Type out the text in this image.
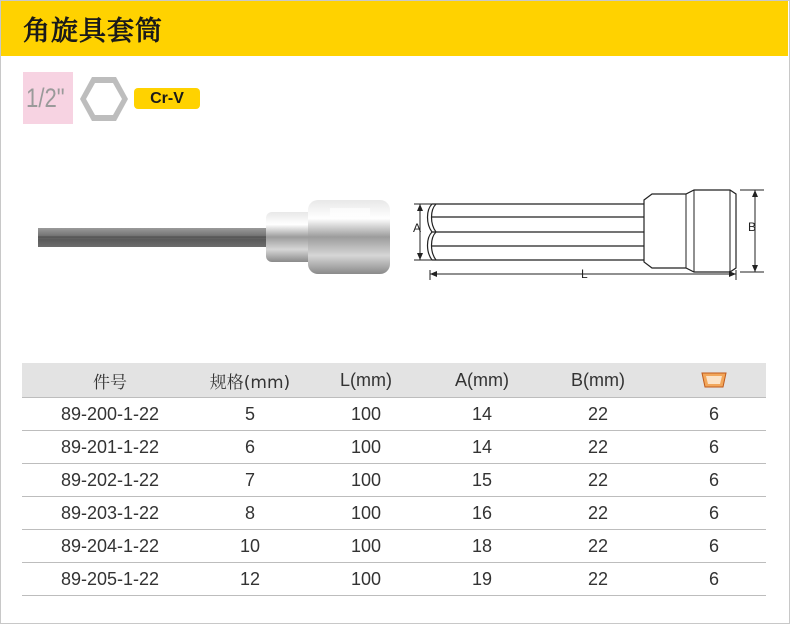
角旋具套筒
1/2"	Cr-V
A	B
L
件号	规格(mm)	L(mm)	A(mm)	B(mm)	
89-200-1-22	5	100	14	22	6
89-201-1-22	6	100	14	22	6
89-202-1-22	7	100	15	22	6
89-203-1-22	8	100	16	22	6
89-204-1-22	10	100	18	22	6
89-205-1-22	12	100	19	22	6
